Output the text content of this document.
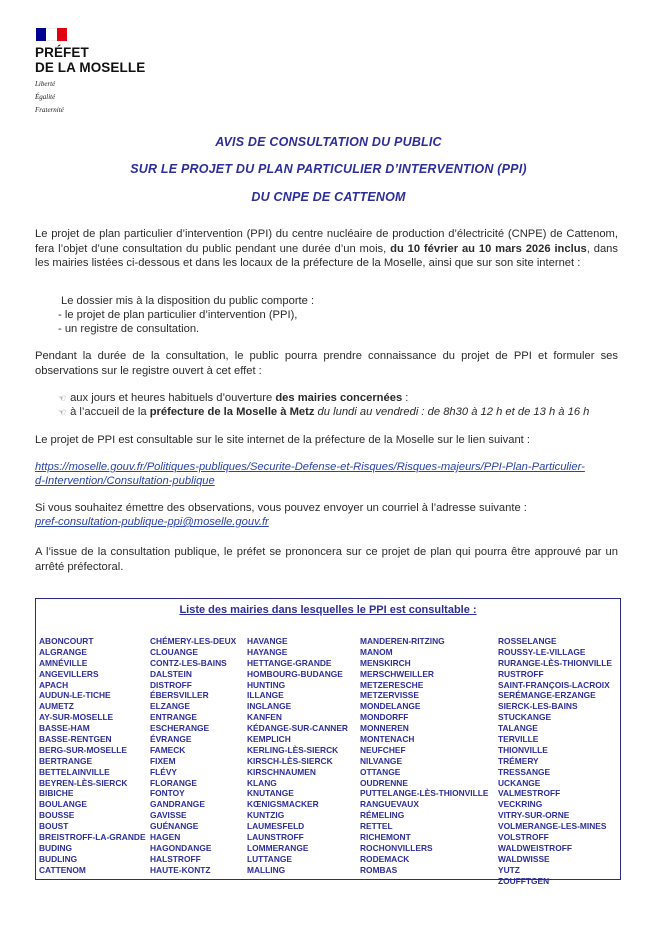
PRÉFET
DE LA MOSELLE
Liberté
Égalité
Fraternité
AVIS DE CONSULTATION DU PUBLIC
SUR LE PROJET DU PLAN PARTICULIER D’INTERVENTION (PPI)
DU CNPE DE CATTENOM
Le projet de plan particulier d’intervention (PPI) du centre nucléaire de production d’électricité (CNPE) de Cattenom, fera l’objet d’une consultation du public pendant une durée d’un mois, du 10 février au 10 mars 2026 inclus, dans les mairies listées ci-dessous et dans les locaux de la préfecture de la Moselle, ainsi que sur son site internet :
Le dossier mis à la disposition du public comporte :
- le projet de plan particulier d’intervention (PPI),
- un registre de consultation.
Pendant la durée de la consultation, le public pourra prendre connaissance du projet de PPI et formuler ses observations sur le registre ouvert à cet effet :
☜ aux jours et heures habituels d’ouverture des mairies concernées :
☜ à l’accueil de la préfecture de la Moselle à Metz du lundi au vendredi : de 8h30 à 12 h et de 13 h à 16 h
Le projet de PPI est consultable sur le site internet de la préfecture de la Moselle sur le lien suivant :
https://moselle.gouv.fr/Politiques-publiques/Securite-Defense-et-Risques/Risques-majeurs/PPI-Plan-Particulier-
d-Intervention/Consultation-publique
Si vous souhaitez émettre des observations, vous pouvez envoyer un courriel à l’adresse suivante :
pref-consultation-publique-ppi@moselle.gouv.fr
A l’issue de la consultation publique, le préfet se prononcera sur ce projet de plan qui pourra être approuvé par un arrêté préfectoral.
Liste des mairies dans lesquelles le PPI est consultable :
ABONCOURT
ALGRANGE
AMNÉVILLE
ANGEVILLERS
APACH
AUDUN-LE-TICHE
AUMETZ
AY-SUR-MOSELLE
BASSE-HAM
BASSE-RENTGEN
BERG-SUR-MOSELLE
BERTRANGE
BETTELAINVILLE
BEYREN-LÈS-SIERCK
BIBICHE
BOULANGE
BOUSSE
BOUST
BREISTROFF-LA-GRANDE
BUDING
BUDLING
CATTENOM
CHÉMERY-LES-DEUX
CLOUANGE
CONTZ-LES-BAINS
DALSTEIN
DISTROFF
ÉBERSVILLER
ELZANGE
ENTRANGE
ESCHERANGE
ÉVRANGE
FAMECK
FIXEM
FLÉVY
FLORANGE
FONTOY
GANDRANGE
GAVISSE
GUÉNANGE
HAGEN
HAGONDANGE
HALSTROFF
HAUTE-KONTZ
HAVANGE
HAYANGE
HETTANGE-GRANDE
HOMBOURG-BUDANGE
HUNTING
ILLANGE
INGLANGE
KANFEN
KÉDANGE-SUR-CANNER
KEMPLICH
KERLING-LÈS-SIERCK
KIRSCH-LÈS-SIERCK
KIRSCHNAUMEN
KLANG
KNUTANGE
KŒNIGSMACKER
KUNTZIG
LAUMESFELD
LAUNSTROFF
LOMMERANGE
LUTTANGE
MALLING
MANDEREN-RITZING
MANOM
MENSKIRCH
MERSCHWEILLER
METZERESCHE
METZERVISSE
MONDELANGE
MONDORFF
MONNEREN
MONTENACH
NEUFCHEF
NILVANGE
OTTANGE
OUDRENNE
PUTTELANGE-LÈS-THIONVILLE
RANGUEVAUX
RÉMELING
RETTEL
RICHEMONT
ROCHONVILLERS
RODEMACK
ROMBAS
ROSSELANGE
ROUSSY-LE-VILLAGE
RURANGE-LÈS-THIONVILLE
RUSTROFF
SAINT-FRANÇOIS-LACROIX
SERÉMANGE-ERZANGE
SIERCK-LES-BAINS
STUCKANGE
TALANGE
TERVILLE
THIONVILLE
TRÉMERY
TRESSANGE
UCKANGE
VALMESTROFF
VECKRING
VITRY-SUR-ORNE
VOLMERANGE-LES-MINES
VOLSTROFF
WALDWEISTROFF
WALDWISSE
YUTZ
ZOUFFTGEN
